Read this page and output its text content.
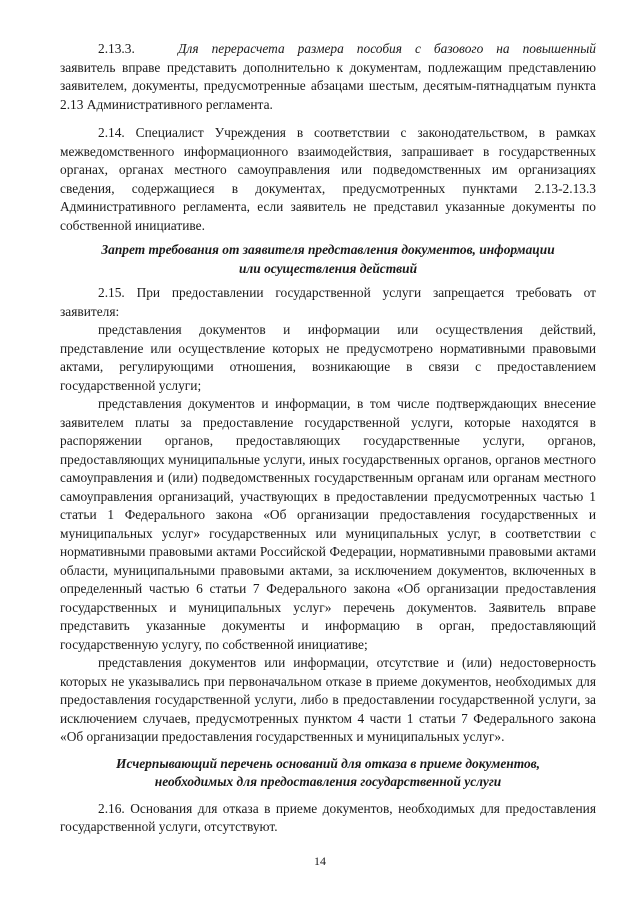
2.13.3.	Для перерасчета размера пособия с базового на повышенный

заявитель вправе представить дополнительно к документам, подлежащим представлению заявителем, документы, предусмотренные абзацами шестым, десятым-пятнадцатым пункта 2.13 Административного регламента.

2.14. Специалист Учреждения в соответствии с законодательством, в рамках межведомственного информационного взаимодействия, запрашивает в государственных органах, органах местного самоуправления или подведомственных им организациях сведения, содержащиеся в документах, предусмотренных пунктами 2.13-2.13.3 Административного регламента, если заявитель не представил указанные документы по собственной инициативе.

Запрет требования от заявителя представления документов, информации
или осуществления действий

2.15. При предоставлении государственной услуги запрещается требовать от заявителя:

представления документов и информации или осуществления действий, представление или осуществление которых не предусмотрено нормативными правовыми актами, регулирующими отношения, возникающие в связи с предоставлением государственной услуги;

представления документов и информации, в том числе подтверждающих внесение заявителем платы за предоставление государственной услуги, которые находятся в распоряжении органов, предоставляющих государственные услуги, органов, предоставляющих муниципальные услуги, иных государственных органов, органов местного самоуправления и (или) подведомственных государственным органам или органам местного самоуправления организаций, участвующих в предоставлении предусмотренных частью 1 статьи 1 Федерального закона «Об организации предоставления государственных и муниципальных услуг» государственных или муниципальных услуг, в соответствии с нормативными правовыми актами Российской Федерации, нормативными правовыми актами области, муниципальными правовыми актами, за исключением документов, включенных в определенный частью 6 статьи 7 Федерального закона «Об организации предоставления государственных и муниципальных услуг» перечень документов. Заявитель вправе представить указанные документы и информацию в орган, предоставляющий государственную услугу, по собственной инициативе;

представления документов или информации, отсутствие и (или) недостоверность которых не указывались при первоначальном отказе в приеме документов, необходимых для предоставления государственной услуги, либо в предоставлении государственной услуги, за исключением случаев, предусмотренных пунктом 4 части 1 статьи 7 Федерального закона «Об организации предоставления государственных и муниципальных услуг».

Исчерпывающий перечень оснований для отказа в приеме документов,
необходимых для предоставления государственной услуги

2.16. Основания для отказа в приеме документов, необходимых для предоставления государственной услуги, отсутствуют.

14
